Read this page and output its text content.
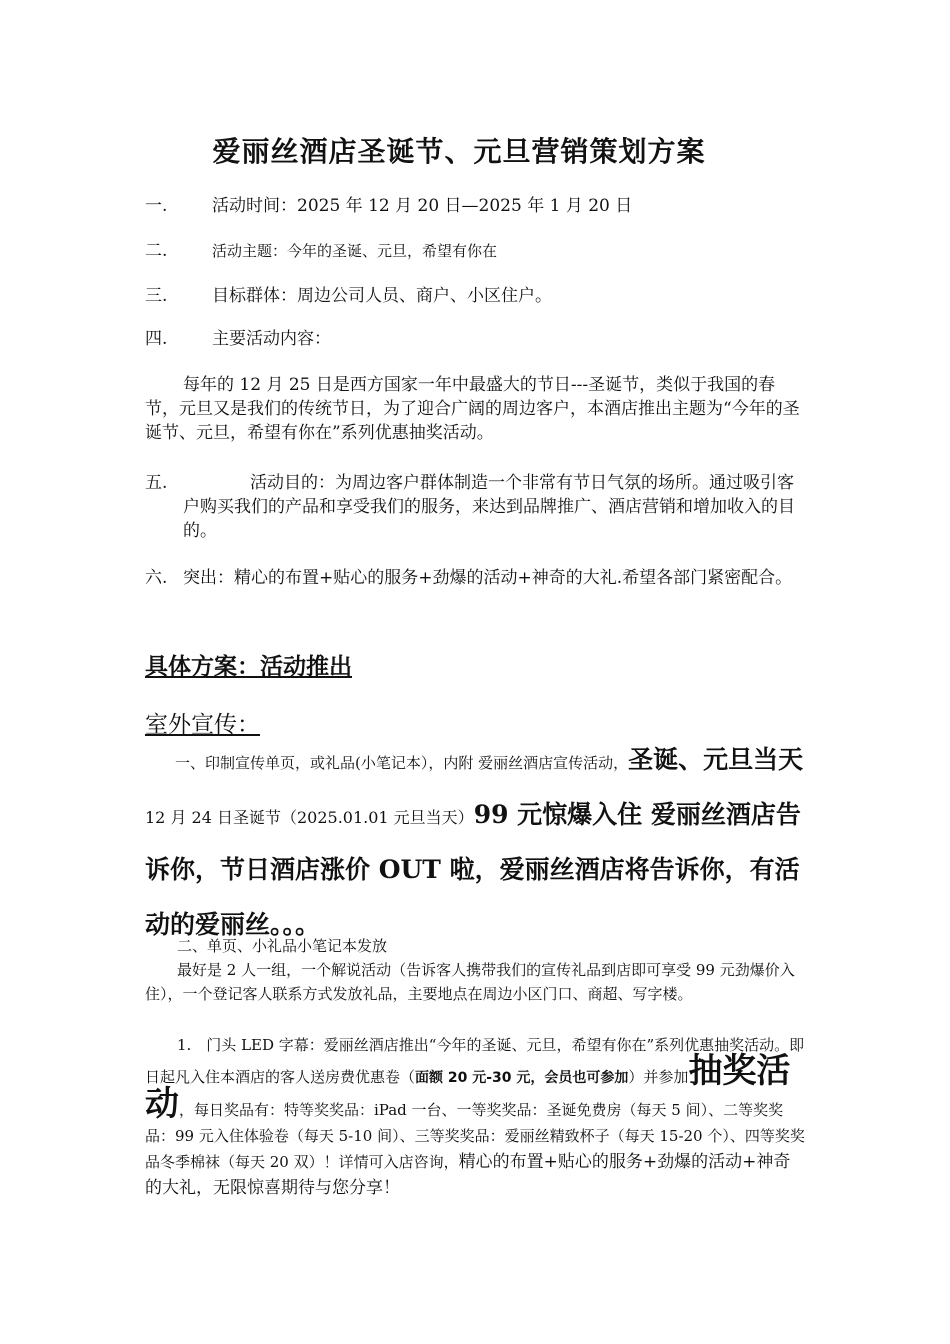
爱丽丝酒店圣诞节、元旦营销策划方案
一.	活动时间：2025 年 12 月 20 日—2025 年 1 月 20 日
二.	活动主题：今年的圣诞、元旦，希望有你在
三.	目标群体：周边公司人员、商户、小区住户。
四.	主要活动内容：
每年的 12 月 25 日是西方国家一年中最盛大的节日---圣诞节，类似于我国的春节，元旦又是我们的传统节日，为了迎合广阔的周边客户，本酒店推出主题为“今年的圣诞节、元旦，希望有你在”系列优惠抽奖活动。
五.	活动目的：为周边客户群体制造一个非常有节日气氛的场所。通过吸引客户购买我们的产品和享受我们的服务，来达到品牌推广、酒店营销和增加收入的目的。
六. 突出：精心的布置+贴心的服务+劲爆的活动+神奇的大礼.希望各部门紧密配合。
具体方案：活动推出
室外宣传：
一、印制宣传单页，或礼品(小笔记本），内附 爱丽丝酒店宣传活动，圣诞、元旦当天 12 月 24 日圣诞节（2025.01.01 元旦当天）99 元惊爆入住 爱丽丝酒店告诉你，节日酒店涨价 OUT 啦，爱丽丝酒店将告诉你，有活动的爱丽丝。。。
二、单页、小礼品小笔记本发放
最好是 2 人一组，一个解说活动（告诉客人携带我们的宣传礼品到店即可享受 99 元劲爆价入住），一个登记客人联系方式发放礼品，主要地点在周边小区门口、商超、写字楼。
1.　门头 LED 字幕：爱丽丝酒店推出“今年的圣诞、元旦，希望有你在”系列优惠抽奖活动。即日起凡入住本酒店的客人送房费优惠卷（面额 20 元-30 元，会员也可参加）并参加抽奖活动，每日奖品有：特等奖奖品：iPad 一台、一等奖奖品：圣诞免费房（每天 5 间）、二等奖奖品：99 元入住体验卷（每天 5-10 间）、三等奖奖品：爱丽丝精致杯子（每天 15-20 个）、四等奖奖品冬季棉袜（每天 20 双）！详情可入店咨询，精心的布置+贴心的服务+劲爆的活动+神奇的大礼，无限惊喜期待与您分享！
